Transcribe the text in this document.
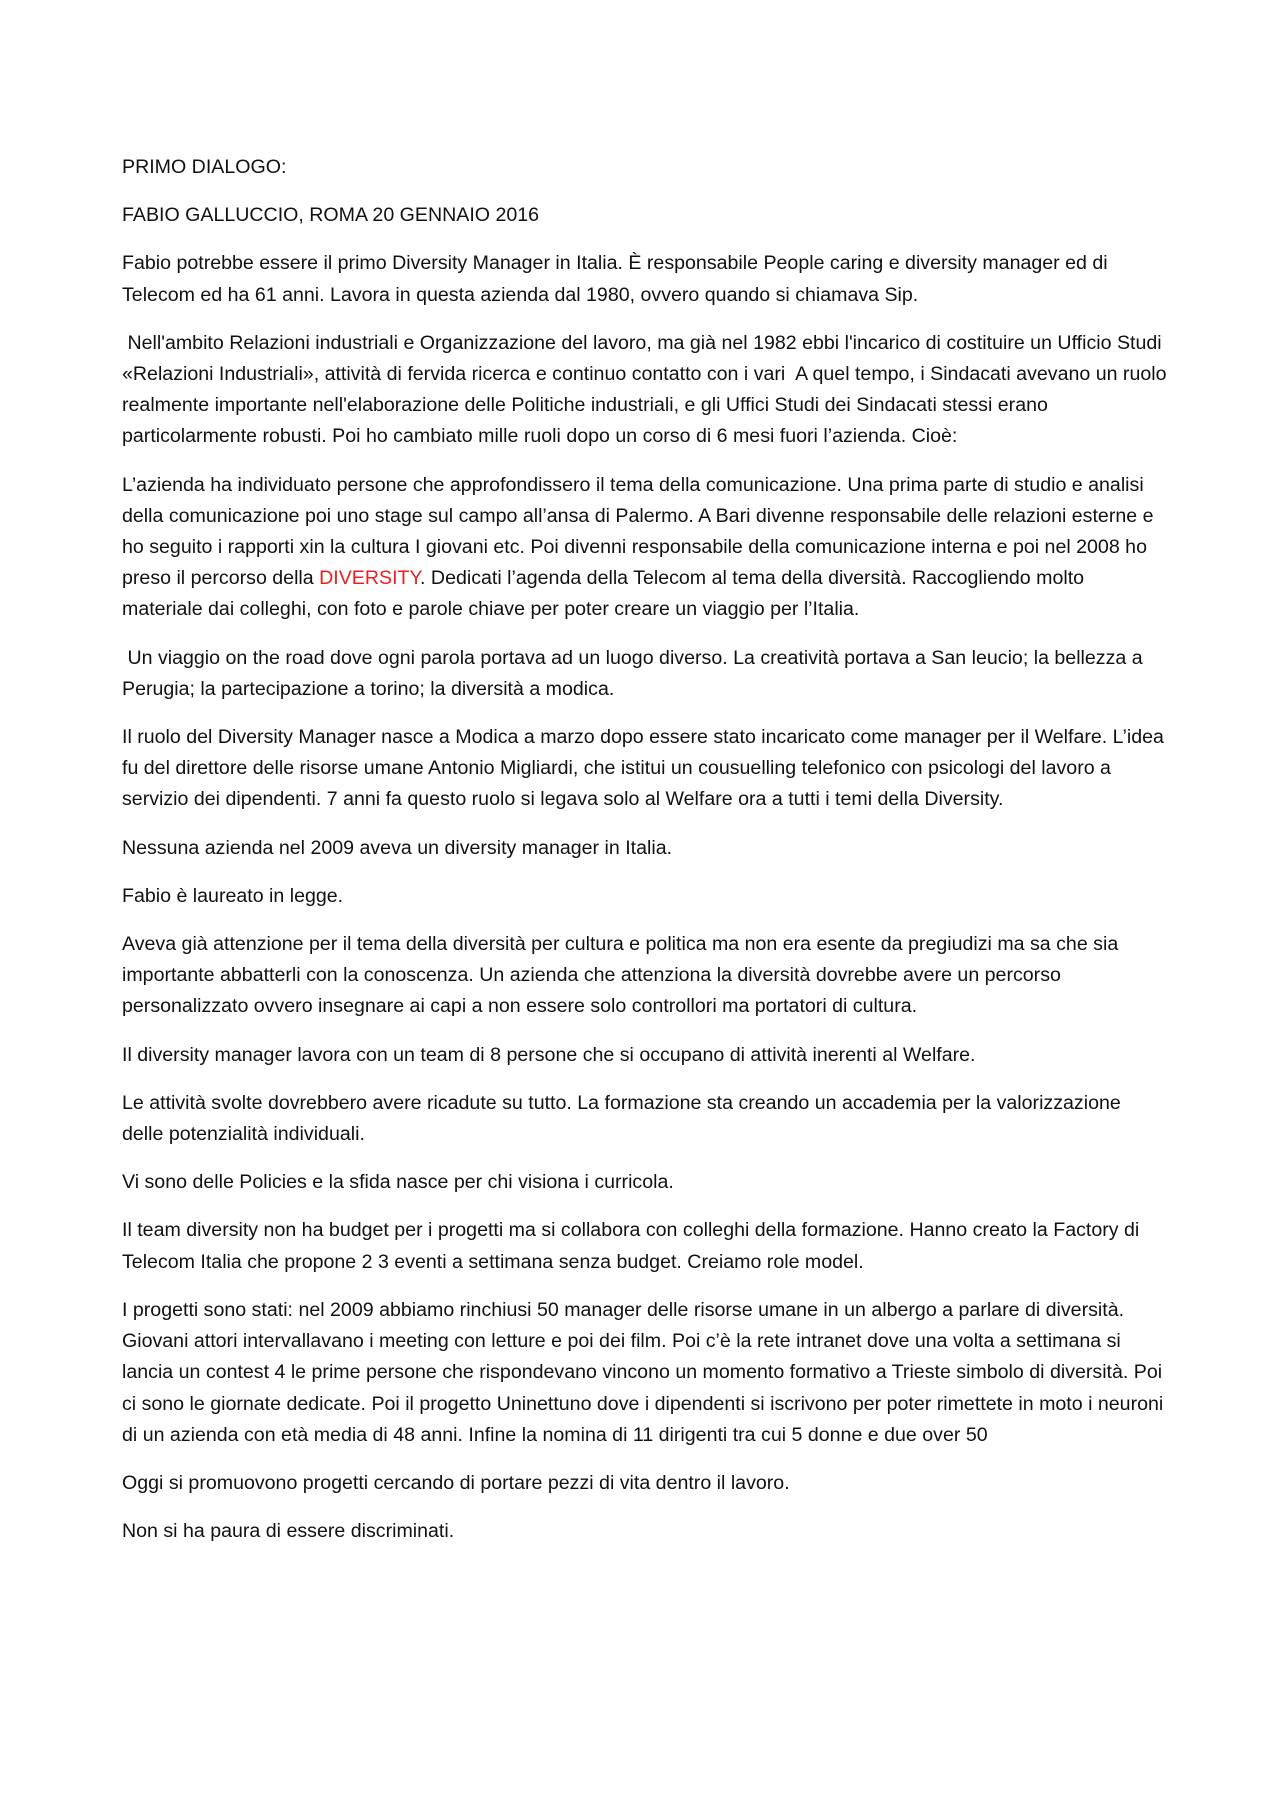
PRIMO DIALOGO:

FABIO GALLUCCIO, ROMA 20 GENNAIO 2016

Fabio potrebbe essere il primo Diversity Manager in Italia. È responsabile People caring e diversity manager ed di Telecom ed ha 61 anni. Lavora in questa azienda dal 1980, ovvero quando si chiamava Sip.

Nell'ambito Relazioni industriali e Organizzazione del lavoro, ma già nel 1982 ebbi l'incarico di costituire un Ufficio Studi «Relazioni Industriali», attività di fervida ricerca e continuo contatto con i vari  A quel tempo, i Sindacati avevano un ruolo realmente importante nell'elaborazione delle Politiche industriali, e gli Uffici Studi dei Sindacati stessi erano particolarmente robusti. Poi ho cambiato mille ruoli dopo un corso di 6 mesi fuori l’azienda. Cioè:

L’azienda ha individuato persone che approfondissero il tema della comunicazione. Una prima parte di studio e analisi della comunicazione poi uno stage sul campo all’ansa di Palermo. A Bari divenne responsabile delle relazioni esterne e ho seguito i rapporti xin la cultura I giovani etc. Poi divenni responsabile della comunicazione interna e poi nel 2008 ho preso il percorso della DIVERSITY. Dedicati l’agenda della Telecom al tema della diversità. Raccogliendo molto materiale dai colleghi, con foto e parole chiave per poter creare un viaggio per l’Italia.

Un viaggio on the road dove ogni parola portava ad un luogo diverso. La creatività portava a San leucio; la bellezza a Perugia; la partecipazione a torino; la diversità a modica.

Il ruolo del Diversity Manager nasce a Modica a marzo dopo essere stato incaricato come manager per il Welfare. L’idea fu del direttore delle risorse umane Antonio Migliardi, che istitui un cousuelling telefonico con psicologi del lavoro a servizio dei dipendenti. 7 anni fa questo ruolo si legava solo al Welfare ora a tutti i temi della Diversity.

Nessuna azienda nel 2009 aveva un diversity manager in Italia.

Fabio è laureato in legge.

Aveva già attenzione per il tema della diversità per cultura e politica ma non era esente da pregiudizi ma sa che sia importante abbatterli con la conoscenza. Un azienda che attenziona la diversità dovrebbe avere un percorso personalizzato ovvero insegnare ai capi a non essere solo controllori ma portatori di cultura.

Il diversity manager lavora con un team di 8 persone che si occupano di attività inerenti al Welfare.

Le attività svolte dovrebbero avere ricadute su tutto. La formazione sta creando un accademia per la valorizzazione delle potenzialità individuali.

Vi sono delle Policies e la sfida nasce per chi visiona i curricola.

Il team diversity non ha budget per i progetti ma si collabora con colleghi della formazione. Hanno creato la Factory di Telecom Italia che propone 2 3 eventi a settimana senza budget. Creiamo role model.

I progetti sono stati: nel 2009 abbiamo rinchiusi 50 manager delle risorse umane in un albergo a parlare di diversità. Giovani attori intervallavano i meeting con letture e poi dei film. Poi c’è la rete intranet dove una volta a settimana si lancia un contest 4 le prime persone che rispondevano vincono un momento formativo a Trieste simbolo di diversità. Poi ci sono le giornate dedicate. Poi il progetto Uninettuno dove i dipendenti si iscrivono per poter rimettete in moto i neuroni di un azienda con età media di 48 anni. Infine la nomina di 11 dirigenti tra cui 5 donne e due over 50

Oggi si promuovono progetti cercando di portare pezzi di vita dentro il lavoro.

Non si ha paura di essere discriminati.
